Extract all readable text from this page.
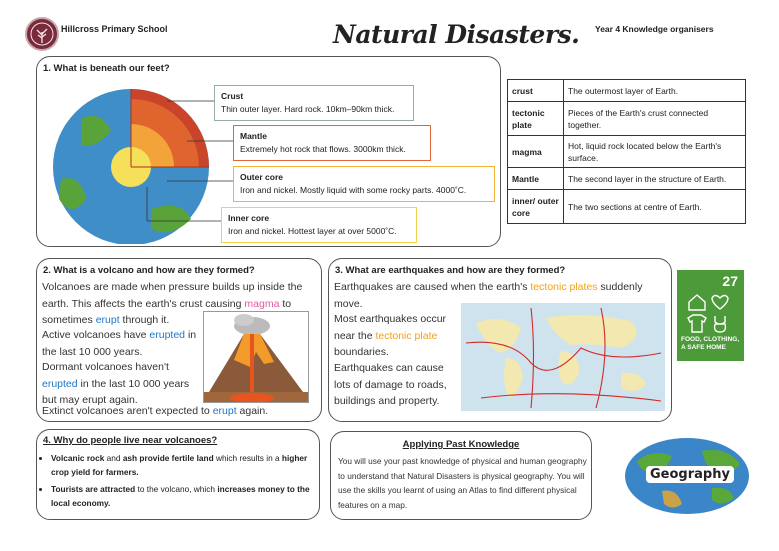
Hillcross Primary School	Natural Disasters. Year 4 Knowledge organisers
1. What is beneath our feet?
Crust
Thin outer layer. Hard rock. 10km–90km thick.
Mantle
Extremely hot rock that flows. 3000km thick.
Outer core
Iron and nickel. Mostly liquid with some rocky parts. 4000˚C.
Inner core
Iron and nickel. Hottest layer at over 5000˚C.
crust	The outermost layer of Earth.
tectonic plate	Pieces of the Earth's crust connected together.
magma	Hot, liquid rock located below the Earth's surface.
Mantle	The second layer in the structure of Earth.
inner/ outer core	The two sections at centre of Earth.
2. What is a volcano and how are they formed?
Volcanoes are made when pressure builds up inside the earth. This affects the earth's crust causing magma to sometimes erupt through it.
Active volcanoes have erupted in the last 10 000 years.
Dormant volcanoes haven't erupted in the last 10 000 years but may erupt again.
Extinct volcanoes aren't expected to erupt again.
3. What are earthquakes and how are they formed?
Earthquakes are caused when the earth's tectonic plates suddenly move.
Most earthquakes occur near the tectonic plate boundaries.
Earthquakes can cause lots of damage to roads, buildings and property.
27
FOOD, CLOTHING, A SAFE HOME
4. Why do people live near volcanoes?
• Volcanic rock and ash provide fertile land which results in a higher crop yield for farmers.
• Tourists are attracted to the volcano, which increases money to the local economy.
Applying Past Knowledge
You will use your past knowledge of physical and human geography to understand that Natural Disasters is physical geography. You will use the skills you learnt of using an Atlas to find different physical features on a map.
Geography
